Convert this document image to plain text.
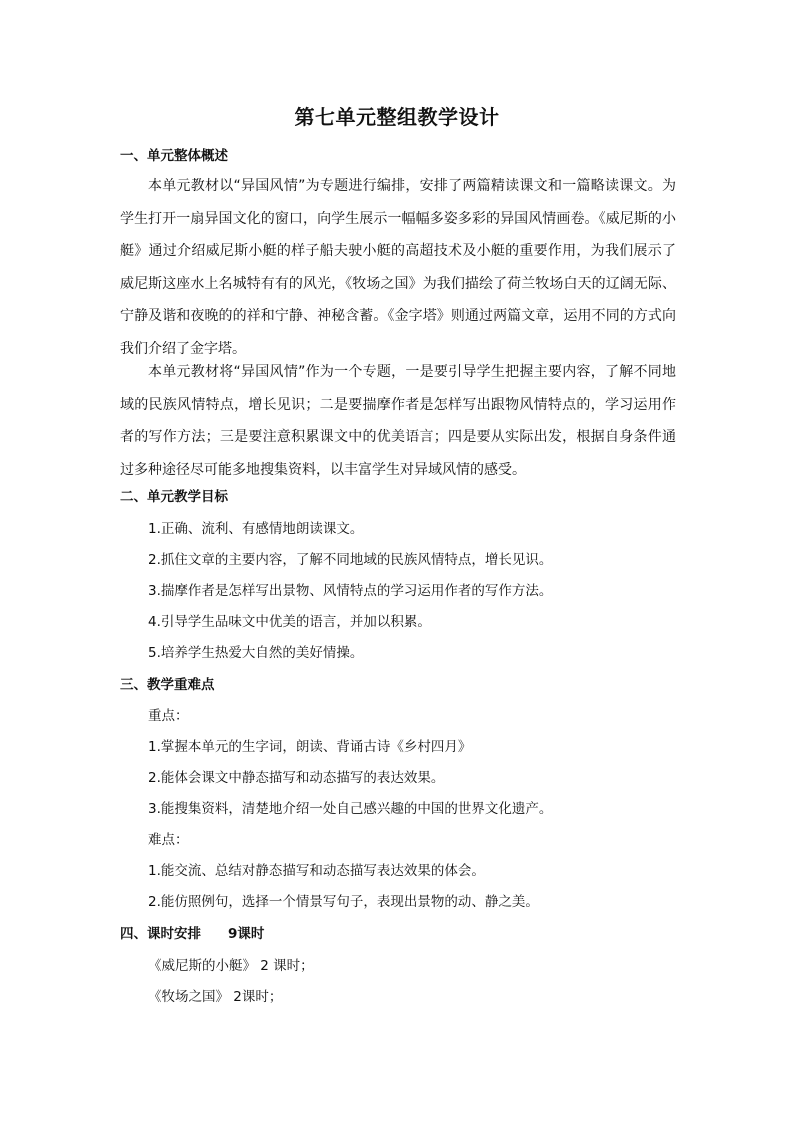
第七单元整组教学设计
一、单元整体概述

本单元教材以“异国风情”为专题进行编排，安排了两篇精读课文和一篇略读课文。为学生打开一扇异国文化的窗口，向学生展示一幅幅多姿多彩的异国风情画卷。《威尼斯的小艇》通过介绍威尼斯小艇的样子船夫驶小艇的高超技术及小艇的重要作用，为我们展示了威尼斯这座水上名城特有有的风光，《牧场之国》为我们描绘了荷兰牧场白天的辽阔无际、宁静及谐和夜晚的的祥和宁静、神秘含蓄。《金字塔》则通过两篇文章，运用不同的方式向我们介绍了金字塔。

本单元教材将“异国风情”作为一个专题，一是要引导学生把握主要内容，了解不同地域的民族风情特点，增长见识；二是要揣摩作者是怎样写出跟物风情特点的，学习运用作者的写作方法；三是要注意积累课文中的优美语言；四是要从实际出发，根据自身条件通过多种途径尽可能多地搜集资料，以丰富学生对异域风情的感受。

二、单元教学目标
1.正确、流利、有感情地朗读课文。
2.抓住文章的主要内容，了解不同地域的民族风情特点，增长见识。
3.揣摩作者是怎样写出景物、风情特点的学习运用作者的写作方法。
4.引导学生品味文中优美的语言，并加以积累。
5.培养学生热爱大自然的美好情操。
三、教学重难点
重点：
1.掌握本单元的生字词，朗读、背诵古诗《乡村四月》
2.能体会课文中静态描写和动态描写的表达效果。
3.能搜集资料，清楚地介绍一处自己感兴趣的中国的世界文化遗产。
难点：
1.能交流、总结对静态描写和动态描写表达效果的体会。
2.能仿照例句，选择一个情景写句子，表现出景物的动、静之美。
四、课时安排　　9课时
《威尼斯的小艇》 2 课时；
《牧场之国》 2课时；
